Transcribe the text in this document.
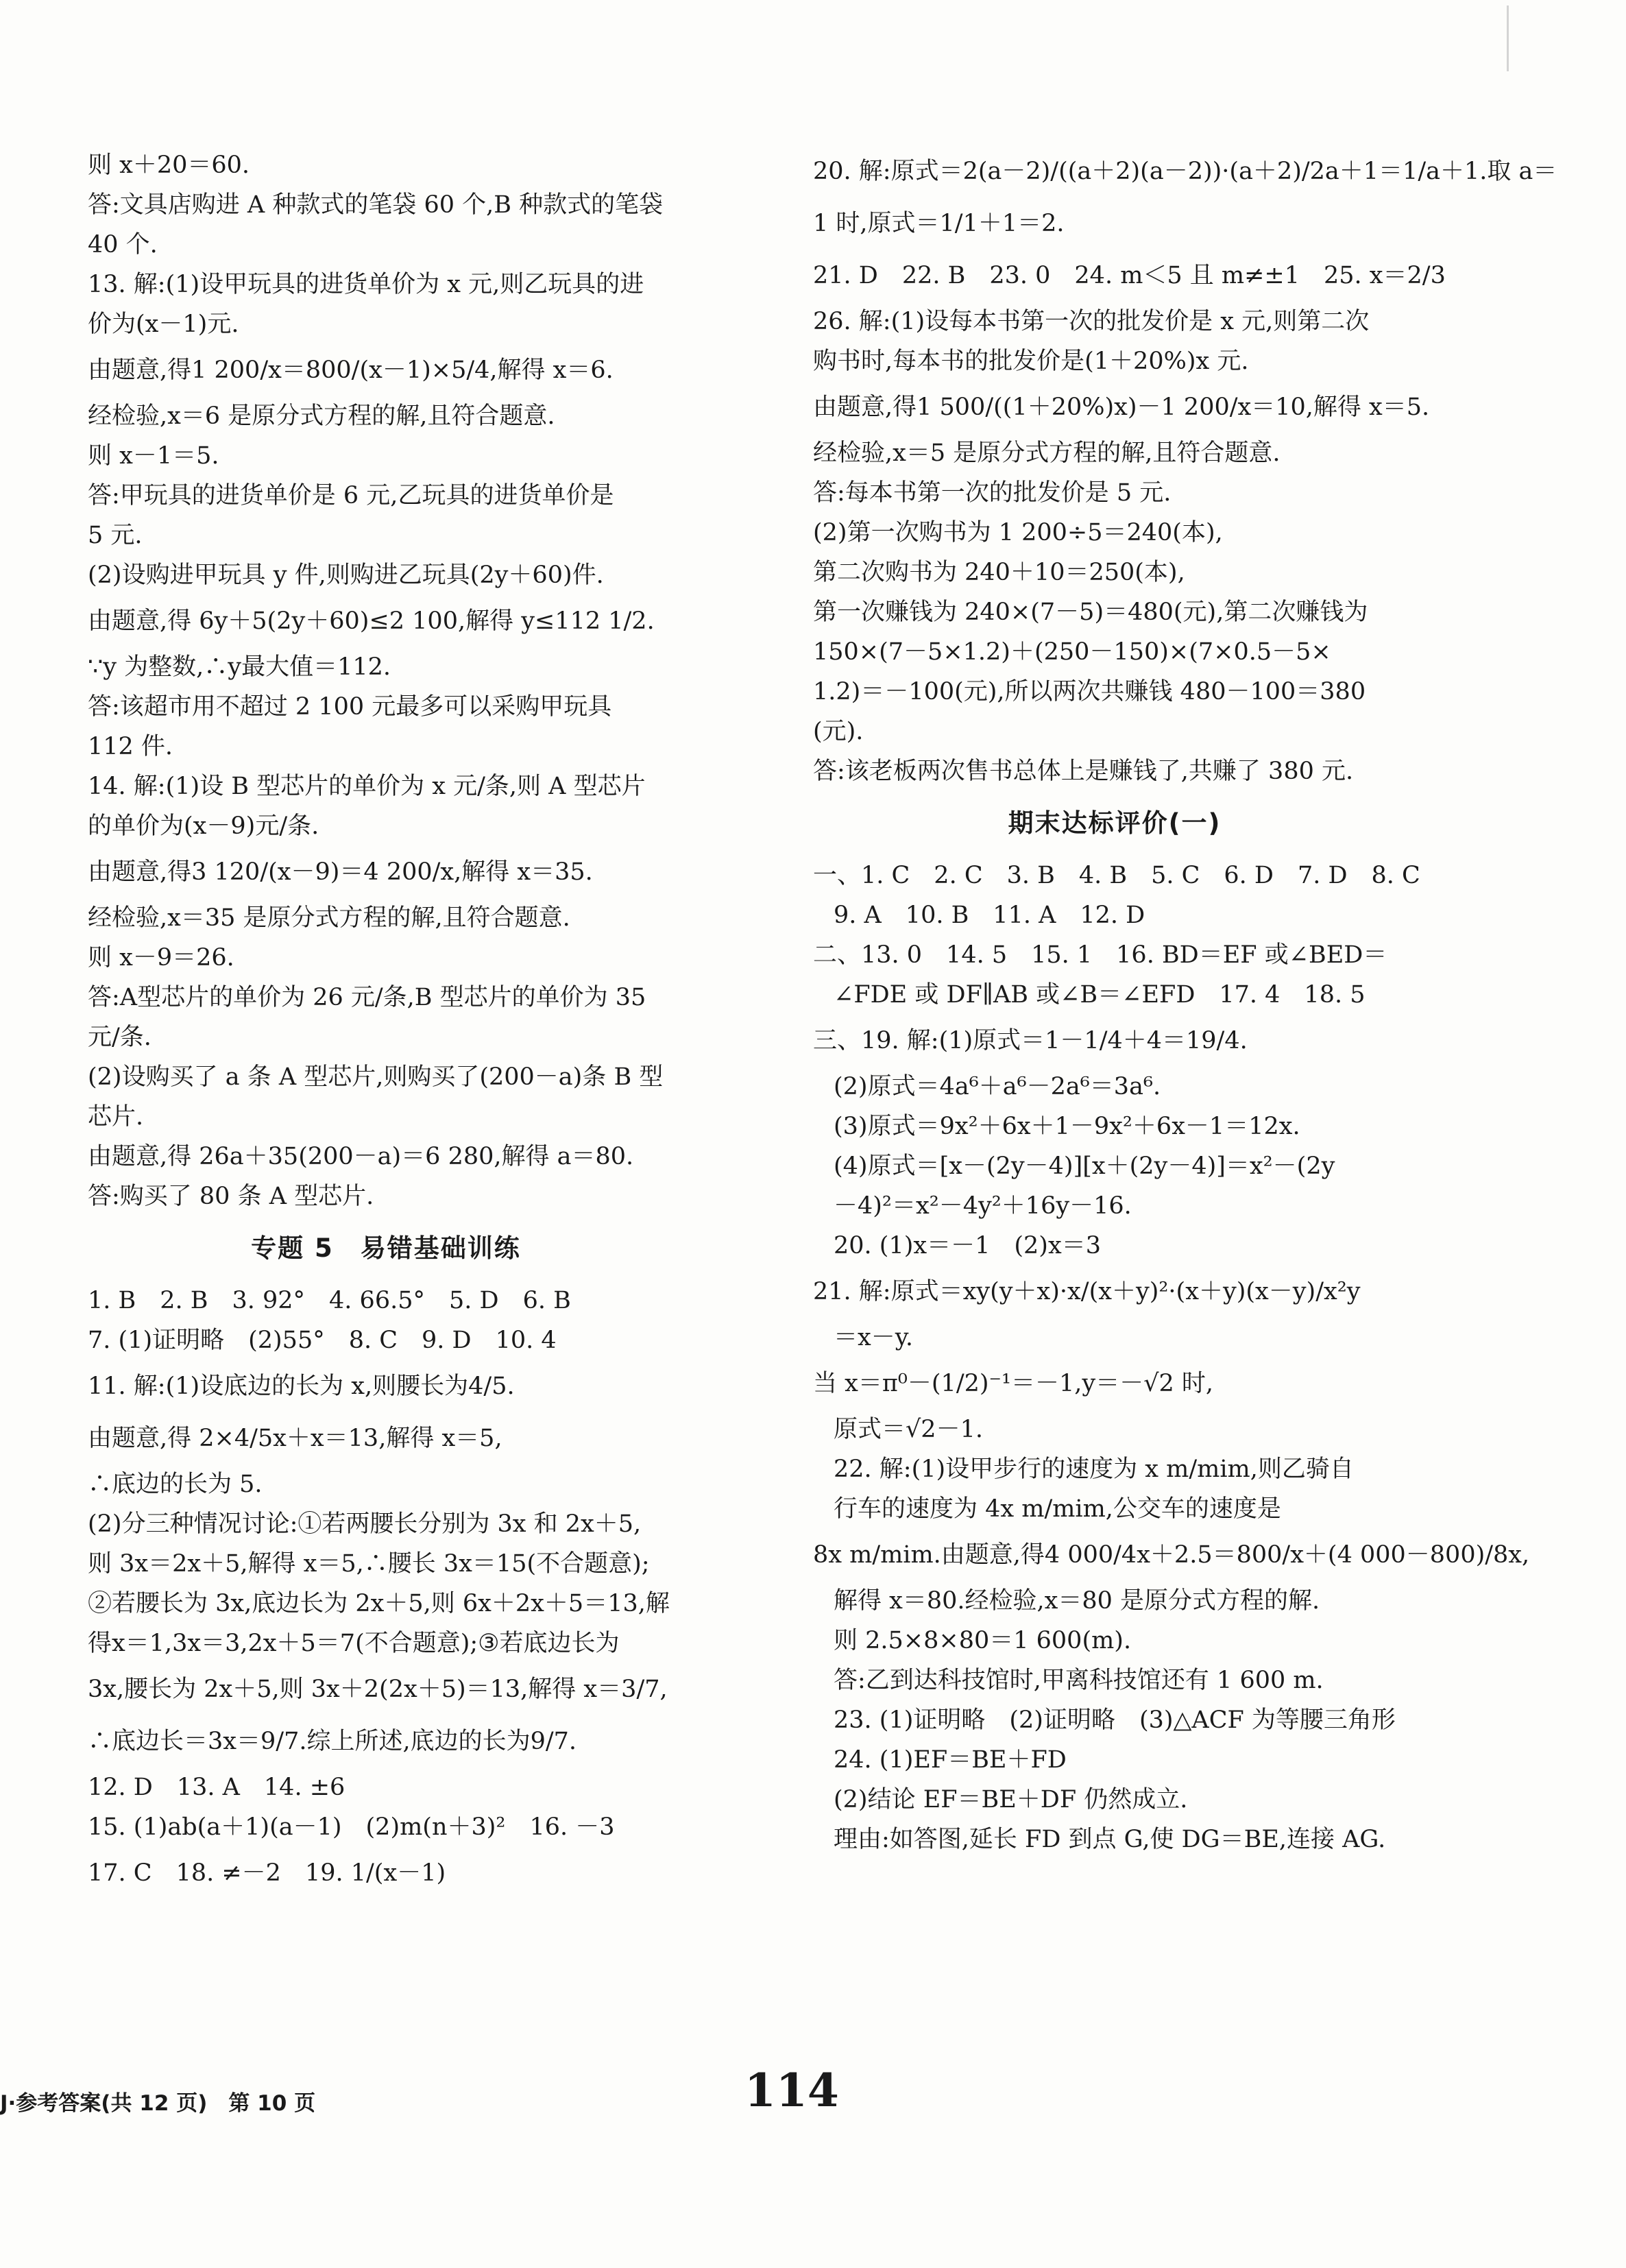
则 x＋20＝60.
答:文具店购进 A 种款式的笔袋 60 个,B 种款式的笔袋
40 个.
13. 解:(1)设甲玩具的进货单价为 x 元,则乙玩具的进
价为(x－1)元.
由题意,得1 200/x＝800/(x－1)×5/4,解得 x＝6.
经检验,x＝6 是原分式方程的解,且符合题意.
则 x－1＝5.
答:甲玩具的进货单价是 6 元,乙玩具的进货单价是
5 元.
(2)设购进甲玩具 y 件,则购进乙玩具(2y＋60)件.
由题意,得 6y＋5(2y＋60)≤2 100,解得 y≤112 1/2.
∵y 为整数,∴y最大值＝112.
答:该超市用不超过 2 100 元最多可以采购甲玩具
112 件.
14. 解:(1)设 B 型芯片的单价为 x 元/条,则 A 型芯片
的单价为(x－9)元/条.
由题意,得3 120/(x－9)＝4 200/x,解得 x＝35.
经检验,x＝35 是原分式方程的解,且符合题意.
则 x－9＝26.
答:A型芯片的单价为 26 元/条,B 型芯片的单价为 35
元/条.
(2)设购买了 a 条 A 型芯片,则购买了(200－a)条 B 型
芯片.
由题意,得 26a＋35(200－a)＝6 280,解得 a＝80.
答:购买了 80 条 A 型芯片.
专题 5　易错基础训练
1. B　2. B　3. 92°　4. 66.5°　5. D　6. B
7. (1)证明略　(2)55°　8. C　9. D　10. 4
11. 解:(1)设底边的长为 x,则腰长为4/5.
由题意,得 2×4/5x＋x＝13,解得 x＝5,
∴底边的长为 5.
(2)分三种情况讨论:①若两腰长分别为 3x 和 2x＋5,
则 3x＝2x＋5,解得 x＝5,∴腰长 3x＝15(不合题意);
②若腰长为 3x,底边长为 2x＋5,则 6x＋2x＋5＝13,解
得x＝1,3x＝3,2x＋5＝7(不合题意);③若底边长为
3x,腰长为 2x＋5,则 3x＋2(2x＋5)＝13,解得 x＝3/7,
∴底边长＝3x＝9/7.综上所述,底边的长为9/7.
12. D　13. A　14. ±6
15. (1)ab(a＋1)(a－1)　(2)m(n＋3)²　16. －3
17. C　18. ≠－2　19. 1/(x－1)
20. 解:原式＝2(a－2)/((a＋2)(a－2))·(a＋2)/2a＋1＝1/a＋1.取 a＝
1 时,原式＝1/1＋1＝2.
21. D　22. B　23. 0　24. m＜5 且 m≠±1　25. x＝2/3
26. 解:(1)设每本书第一次的批发价是 x 元,则第二次
购书时,每本书的批发价是(1＋20%)x 元.
由题意,得1 500/((1＋20%)x)－1 200/x＝10,解得 x＝5.
经检验,x＝5 是原分式方程的解,且符合题意.
答:每本书第一次的批发价是 5 元.
(2)第一次购书为 1 200÷5＝240(本),
第二次购书为 240＋10＝250(本),
第一次赚钱为 240×(7－5)＝480(元),第二次赚钱为
150×(7－5×1.2)＋(250－150)×(7×0.5－5×
1.2)＝－100(元),所以两次共赚钱 480－100＝380
(元).
答:该老板两次售书总体上是赚钱了,共赚了 380 元.
期末达标评价(一)
一、1. C　2. C　3. B　4. B　5. C　6. D　7. D　8. C
9. A　10. B　11. A　12. D
二、13. 0　14. 5　15. 1　16. BD＝EF 或∠BED＝
∠FDE 或 DF∥AB 或∠B＝∠EFD　17. 4　18. 5
三、19. 解:(1)原式＝1－1/4＋4＝19/4.
(2)原式＝4a⁶＋a⁶－2a⁶＝3a⁶.
(3)原式＝9x²＋6x＋1－9x²＋6x－1＝12x.
(4)原式＝[x－(2y－4)][x＋(2y－4)]＝x²－(2y
－4)²＝x²－4y²＋16y－16.
20. (1)x＝－1　(2)x＝3
21. 解:原式＝xy(y＋x)·x/(x＋y)²·(x＋y)(x－y)/x²y
＝x－y.
当 x＝π⁰－(1/2)⁻¹＝－1,y＝－√2 时,
原式＝√2－1.
22. 解:(1)设甲步行的速度为 x m/mim,则乙骑自
行车的速度为 4x m/mim,公交车的速度是
8x m/mim.由题意,得4 000/4x＋2.5＝800/x＋(4 000－800)/8x,
解得 x＝80.经检验,x＝80 是原分式方程的解.
则 2.5×8×80＝1 600(m).
答:乙到达科技馆时,甲离科技馆还有 1 600 m.
23. (1)证明略　(2)证明略　(3)△ACF 为等腰三角形
24. (1)EF＝BE＋FD
(2)结论 EF＝BE＋DF 仍然成立.
理由:如答图,延长 FD 到点 G,使 DG＝BE,连接 AG.
J·参考答案(共 12 页)　第 10 页	114
